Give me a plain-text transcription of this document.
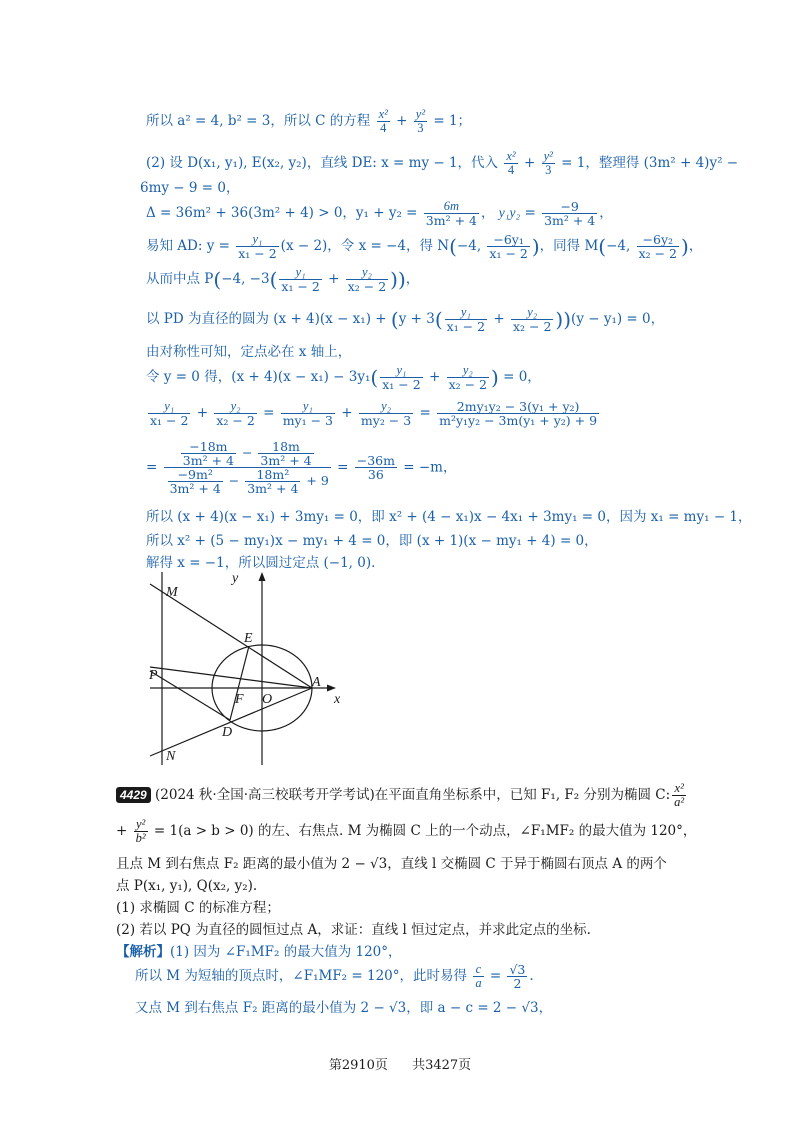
所以 a² = 4, b² = 3，所以 C 的方程 $\frac{\text{x²}}{4} + \frac{\text{y²}}{3} = 1$；
(2) 设 D(x₁, y₁), E(x₂, y₂)，直线 DE: x = my − 1，代入 $\frac{\text{x²}}{4} + \frac{\text{y²}}{3} = 1$，整理得 (3m² + 4)y² −
6my − 9 = 0，
Δ = 36m² + 36(3m² + 4) > 0，$y_1 + y_2 = \frac{6m}{\text{3m² + 4}}$ ， $y_1y_2 = \frac{-9}{\text{3m² + 4}}$ ，
易知 AD: $y = \frac{\text{y₁}}{\text{x₁ − 2}} (x - 2)$，令 x = −4，得 N(−4, $\frac{\text{−6y₁}}{\text{x₁ − 2}}$ )，同得 M(−4, $\frac{\text{−6y₂}}{\text{x₂ − 2}}$ )，
从而中点 P(−4, $-3( \frac{\text{y₁}}{\text{x₁ − 2}} + \frac{\text{y₂}}{\text{x₂ − 2}}$ ))，
以 PD 为直径的圆为 $(x + 4)(x - x_1) + (y + 3( \frac{\text{y₁}}{\text{x₁ − 2}} + \frac{\text{y₂}}{\text{x₂ − 2}} ))(y - y_1) = 0$，
由对称性可知，定点必在 x 轴上，
令 y = 0 得，$(x + 4)(x - x_1) - 3y_1( \frac{\text{y₁}}{\text{x₁ − 2}} + \frac{\text{y₂}}{\text{x₂ − 2}}$ ) = 0，
$\frac{\text{y₁}}{\text{x₁ − 2}} + \frac{\text{y₂}}{\text{x₂ − 2}} = \frac{\text{y₁}}{\text{my₁ − 3}} + \frac{\text{y₂}}{\text{my₂ − 3}} = \frac{\text{2my₁y₂ − 3(y₁ + y₂)}}{\text{m²y₁y₂ − 3m(y₁ + y₂) + 9}}$
= $\frac{\frac{-18m}{\text{3m² + 4}} - \frac{18m}{\text{3m² + 4}}}{\frac{\text{−9m²}}{\text{3m² + 4}} - \frac{\text{18m²}}{\text{3m² + 4}} + 9} = \frac{-36m}{36} = -m$，
所以 (x + 4)(x − x₁) + 3my₁ = 0，即 x² + (4 − x₁)x − 4x₁ + 3my₁ = 0，因为 x₁ = my₁ − 1，
所以 x² + (5 − my₁)x − my₁ + 4 = 0，即 (x + 1)(x − my₁ + 4) = 0，
解得 x = −1，所以圆过定点 (−1, 0).
y
x
M
E
P
F O
A
D
N
4429 (2024 秋·全国·高三校联考开学考试)在平面直角坐标系中，已知 F₁, F₂ 分别为椭圆 C: $\frac{\text{x²}}{\text{a²}}$
+ $\frac{\text{y²}}{\text{b²}} = 1(a > b > 0)$ 的左、右焦点. M 为椭圆 C 上的一个动点，∠F₁MF₂ 的最大值为 120°，
且点 M 到右焦点 F₂ 距离的最小值为 2 − √3，直线 l 交椭圆 C 于异于椭圆右顶点 A 的两个
点 P(x₁, y₁), Q(x₂, y₂).
(1) 求椭圆 C 的标准方程；
(2) 若以 PQ 为直径的圆恒过点 A，求证：直线 l 恒过定点，并求此定点的坐标.
【解析】(1) 因为 ∠F₁MF₂ 的最大值为 120°，
所以 M 为短轴的顶点时，∠F₁MF₂ = 120°，此时易得 $\frac{c}{a} = \frac{√3}{2}$ .
又点 M 到右焦点 F₂ 距离的最小值为 2 − √3，即 a − c = 2 − √3，
第2910页 共3427页
